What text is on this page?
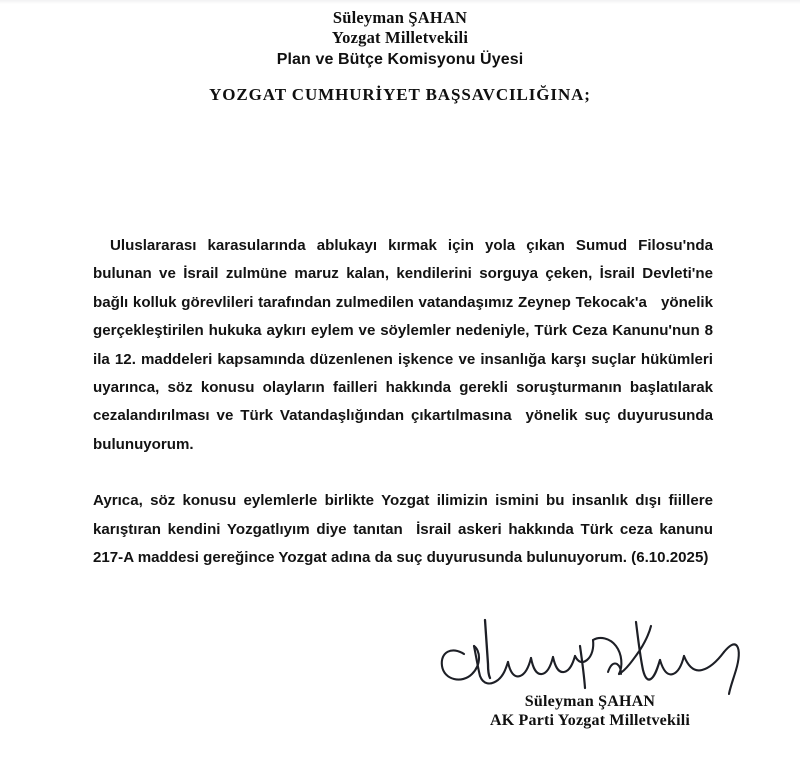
Süleyman ŞAHAN
Yozgat Milletvekili
Plan ve Bütçe Komisyonu Üyesi
YOZGAT CUMHURİYET BAŞSAVCILIĞINA;

Uluslararası karasularında ablukayı kırmak için yola çıkan Sumud Filosu'nda bulunan ve İsrail zulmüne maruz kalan, kendilerini sorguya çeken, İsrail Devleti'ne bağlı kolluk görevlileri tarafından zulmedilen vatandaşımız Zeynep Tekocak'a   yönelik gerçekleştirilen hukuka aykırı eylem ve söylemler nedeniyle, Türk Ceza Kanunu'nun 8 ila 12. maddeleri kapsamında düzenlenen işkence ve insanlığa karşı suçlar hükümleri uyarınca, söz konusu olayların failleri hakkında gerekli soruşturmanın başlatılarak cezalandırılması ve Türk Vatandaşlığından çıkartılmasına  yönelik suç duyurusunda bulunuyorum.

Ayrıca, söz konusu eylemlerle birlikte Yozgat ilimizin ismini bu insanlık dışı fiillere karıştıran kendini Yozgatlıyım diye tanıtan  İsrail askeri hakkında Türk ceza kanunu 217-A maddesi gereğince Yozgat adına da suç duyurusunda bulunuyorum. (6.10.2025)

Süleyman ŞAHAN
AK Parti Yozgat Milletvekili
